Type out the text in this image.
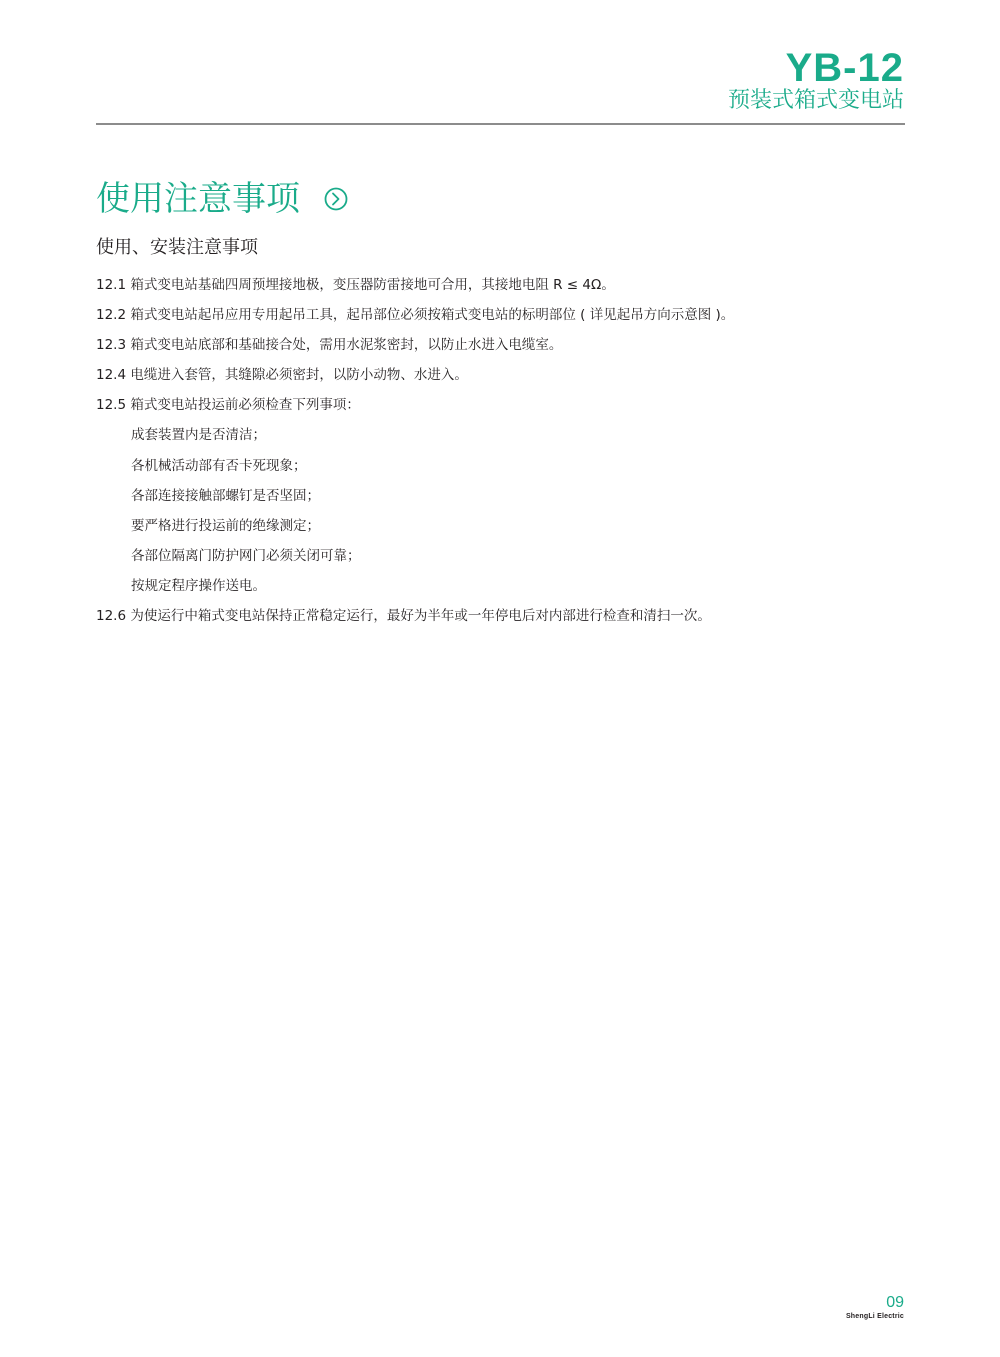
YB-12
预装式箱式变电站
使用注意事项
使用、安装注意事项
12.1 箱式变电站基础四周预埋接地极，变压器防雷接地可合用，其接地电阻 R ≤ 4Ω。
12.2 箱式变电站起吊应用专用起吊工具，起吊部位必须按箱式变电站的标明部位 ( 详见起吊方向示意图 )。
12.3 箱式变电站底部和基础接合处，需用水泥浆密封，以防止水进入电缆室。
12.4 电缆进入套管，其缝隙必须密封，以防小动物、水进入。
12.5 箱式变电站投运前必须检查下列事项：
成套装置内是否清洁；
各机械活动部有否卡死现象；
各部连接接触部螺钉是否坚固；
要严格进行投运前的绝缘测定；
各部位隔离门防护网门必须关闭可靠；
按规定程序操作送电。
12.6 为使运行中箱式变电站保持正常稳定运行，最好为半年或一年停电后对内部进行检查和清扫一次。
09
ShengLi Electric
